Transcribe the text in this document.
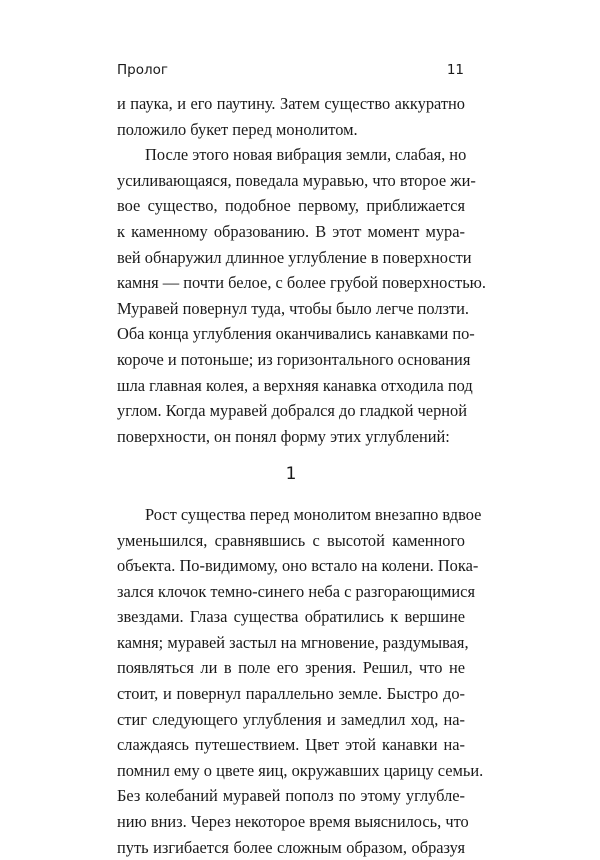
Пролог	11

и паука, и его паутину. Затем существо аккуратно
положило букет перед монолитом.

После этого новая вибрация земли, слабая, но
усиливающаяся, поведала муравью, что второе жи-
вое существо, подобное первому, приближается
к каменному образованию. В этот момент мура-
вей обнаружил длинное углубление в поверхности
камня — почти белое, с более грубой поверхностью.
Муравей повернул туда, чтобы было легче ползти.
Оба конца углубления оканчивались канавками по-
короче и потоньше; из горизонтального основания
шла главная колея, а верхняя канавка отходила под
углом. Когда муравей добрался до гладкой черной
поверхности, он понял форму этих углублений:

1

Рост существа перед монолитом внезапно вдвое
уменьшился, сравнявшись с высотой каменного
объекта. По-видимому, оно встало на колени. Пока-
зался клочок темно-синего неба с разгорающимися
звездами. Глаза существа обратились к вершине
камня; муравей застыл на мгновение, раздумывая,
появляться ли в поле его зрения. Решил, что не
стоит, и повернул параллельно земле. Быстро до-
стиг следующего углубления и замедлил ход, на-
слаждаясь путешествием. Цвет этой канавки на-
помнил ему о цвете яиц, окружавших царицу семьи.
Без колебаний муравей пополз по этому углубле-
нию вниз. Через некоторое время выяснилось, что
путь изгибается более сложным образом, образуя
